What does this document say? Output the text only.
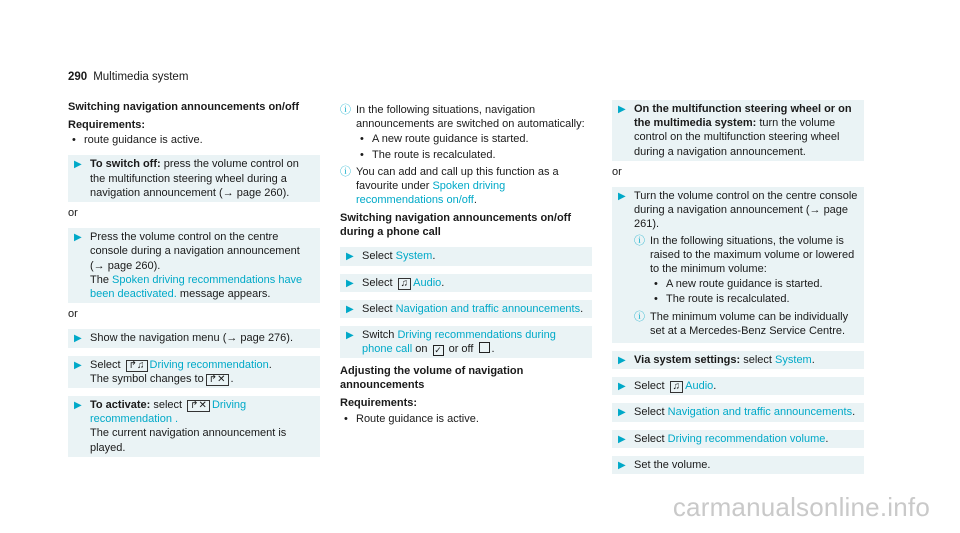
290 Multimedia system
Switching navigation announcements on/off
Requirements:
• route guidance is active.
▶ To switch off: press the volume control on the multifunction steering wheel during a navigation announcement (→ page 260).
or
▶ Press the volume control on the centre console during a navigation announcement (→ page 260).
The Spoken driving recommendations have been deactivated. message appears.
or
▶ Show the navigation menu (→ page 276).
▶ Select ↱♫ Driving recommendation.
The symbol changes to ↱✕ .
▶ To activate: select ↱✕ Driving recommendation .
The current navigation announcement is played.
ⓘ In the following situations, navigation announcements are switched on automatically:
• A new route guidance is started.
• The route is recalculated.
ⓘ You can add and call up this function as a favourite under Spoken driving recommendations on/off.
Switching navigation announcements on/off during a phone call
▶ Select System.
▶ Select ♫ Audio.
▶ Select Navigation and traffic announcements.
▶ Switch Driving recommendations during phone call on ✓ or off .
Adjusting the volume of navigation announcements
Requirements:
• Route guidance is active.
▶ On the multifunction steering wheel or on the multimedia system: turn the volume control on the multifunction steering wheel during a navigation announcement.
or
▶ Turn the volume control on the centre console during a navigation announcement (→ page 261).
ⓘ In the following situations, the volume is raised to the maximum volume or lowered to the minimum volume:
• A new route guidance is started.
• The route is recalculated.
ⓘ The minimum volume can be individually set at a Mercedes-Benz Service Centre.
▶ Via system settings: select System.
▶ Select ♫ Audio.
▶ Select Navigation and traffic announcements.
▶ Select Driving recommendation volume.
▶ Set the volume.
carmanualsonline.info
